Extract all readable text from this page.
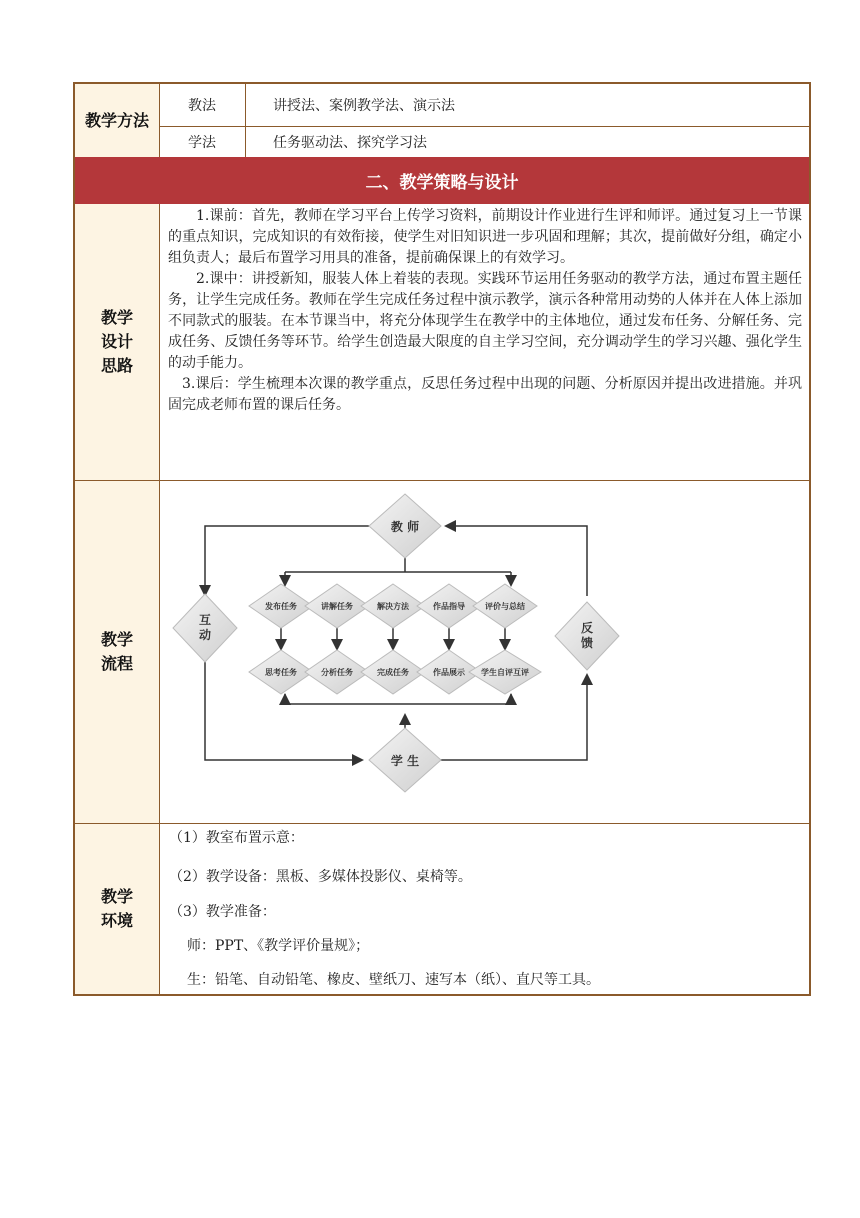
教学方法
教法	讲授法、案例教学法、演示法
学法	任务驱动法、探究学习法
二、教学策略与设计
教学设计思路

1.课前：首先，教师在学习平台上传学习资料，前期设计作业进行生评和师评。通过复习上一节课的重点知识，完成知识的有效衔接，使学生对旧知识进一步巩固和理解；其次，提前做好分组，确定小组负责人；最后布置学习用具的准备，提前确保课上的有效学习。

2.课中：讲授新知，服装人体上着装的表现。实践环节运用任务驱动的教学方法，通过布置主题任务，让学生完成任务。教师在学生完成任务过程中演示教学，演示各种常用动势的人体并在人体上添加不同款式的服装。在本节课当中，将充分体现学生在教学中的主体地位，通过发布任务、分解任务、完成任务、反馈任务等环节。给学生创造最大限度的自主学习空间，充分调动学生的学习兴趣、强化学生的动手能力。

3.课后：学生梳理本次课的教学重点，反思任务过程中出现的问题、分析原因并提出改进措施。并巩固完成老师布置的课后任务。

教学流程
教 师
学 生
互动	反馈
发布任务	讲解任务	解决方法	作品指导	评价与总结
思考任务	分析任务	完成任务	作品展示 学生自评互评
教学环境
（1）教室布置示意：
（2）教学设备：黑板、多媒体投影仪、桌椅等。
（3）教学准备：
师：PPT、《教学评价量规》；
生：铅笔、自动铅笔、橡皮、壁纸刀、速写本（纸）、直尺等工具。
